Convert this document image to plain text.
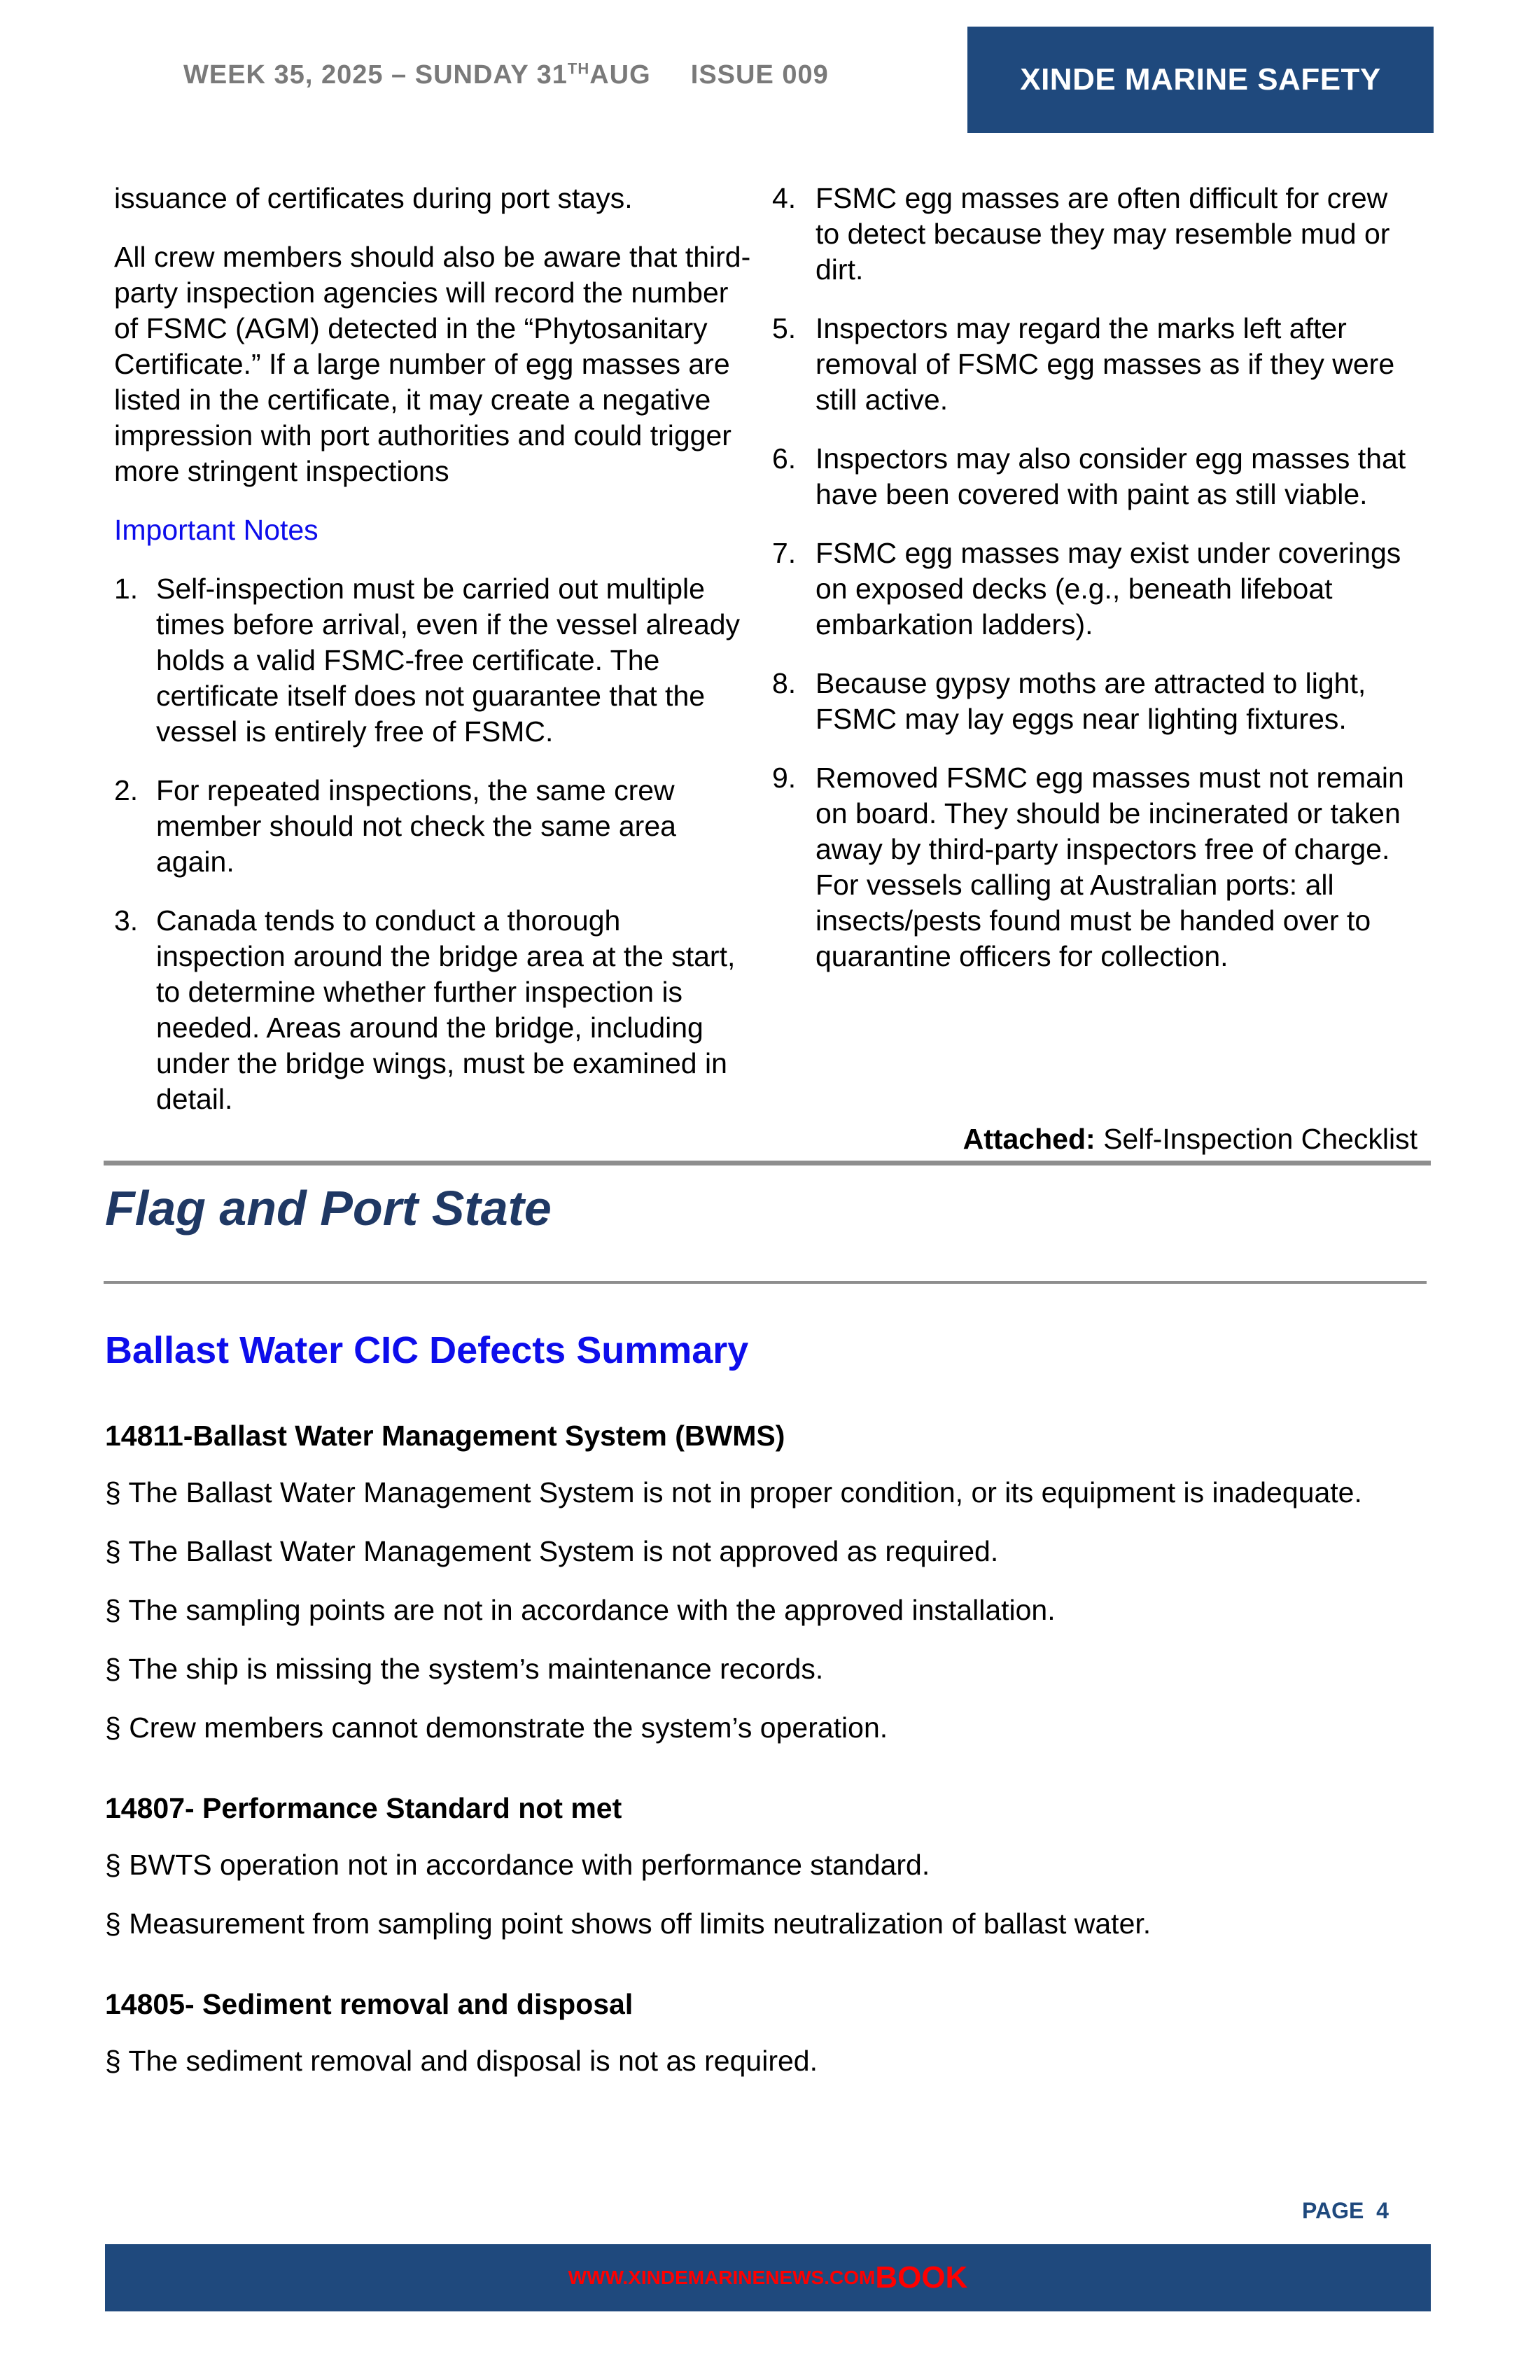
WEEK 35, 2025 – SUNDAY 31THAUG ISSUE 009	XINDE MARINE SAFETY

issuance of certificates during port stays.

All crew members should also be aware that third-party inspection agencies will record the number of FSMC (AGM) detected in the “Phytosanitary Certificate.” If a large number of egg masses are listed in the certificate, it may create a negative impression with port authorities and could trigger more stringent inspections

Important Notes

1. Self-inspection must be carried out multiple times before arrival, even if the vessel already holds a valid FSMC-free certificate. The certificate itself does not guarantee that the vessel is entirely free of FSMC.
2. For repeated inspections, the same crew member should not check the same area again.
3. Canada tends to conduct a thorough inspection around the bridge area at the start, to determine whether further inspection is needed. Areas around the bridge, including under the bridge wings, must be examined in detail.
4. FSMC egg masses are often difficult for crew to detect because they may resemble mud or dirt.
5. Inspectors may regard the marks left after removal of FSMC egg masses as if they were still active.
6. Inspectors may also consider egg masses that have been covered with paint as still viable.
7. FSMC egg masses may exist under coverings on exposed decks (e.g., beneath lifeboat embarkation ladders).
8. Because gypsy moths are attracted to light, FSMC may lay eggs near lighting fixtures.
9. Removed FSMC egg masses must not remain on board. They should be incinerated or taken away by third-party inspectors free of charge. For vessels calling at Australian ports: all insects/pests found must be handed over to quarantine officers for collection.
Attached: Self-Inspection Checklist
Flag and Port State
Ballast Water CIC Defects Summary

14811-Ballast Water Management System (BWMS)

§ The Ballast Water Management System is not in proper condition, or its equipment is inadequate.

§ The Ballast Water Management System is not approved as required.

§ The sampling points are not in accordance with the approved installation.

§ The ship is missing the system’s maintenance records.

§ Crew members cannot demonstrate the system’s operation.

14807- Performance Standard not met

§ BWTS operation not in accordance with performance standard.

§ Measurement from sampling point shows off limits neutralization of ballast water.

14805- Sediment removal and disposal

§ The sediment removal and disposal is not as required.

PAGE 4
WWW.XINDEMARINENEWS.COM BOOK
